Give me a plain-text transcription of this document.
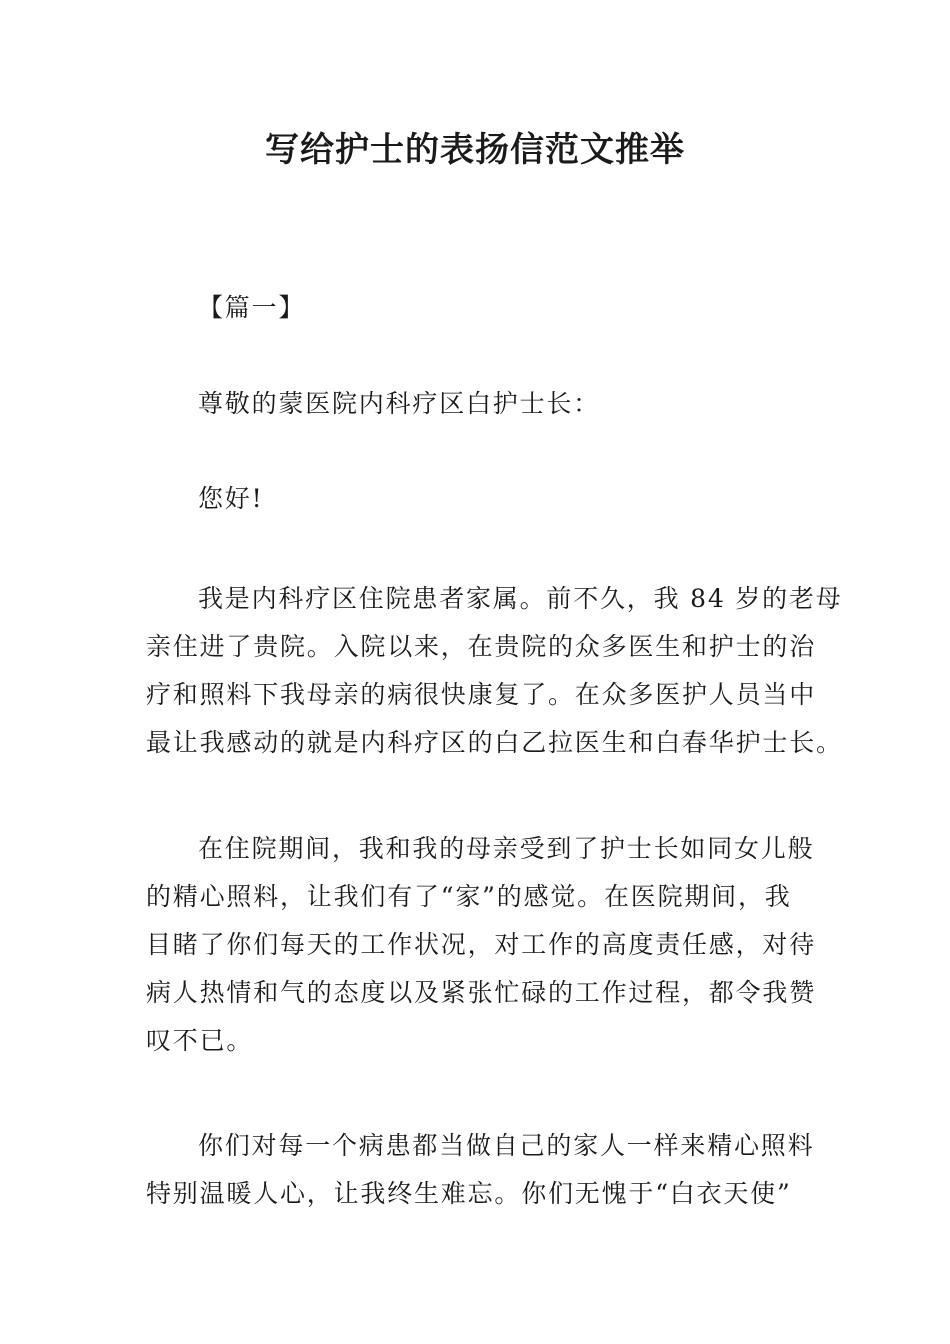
写给护士的表扬信范文推举

【篇一】

尊敬的蒙医院内科疗区白护士长：

您好!

我是内科疗区住院患者家属。前不久，我 84 岁的老母
亲住进了贵院。入院以来，在贵院的众多医生和护士的治
疗和照料下我母亲的病很快康复了。在众多医护人员当中
最让我感动的就是内科疗区的白乙拉医生和白春华护士长。

在住院期间，我和我的母亲受到了护士长如同女儿般
的精心照料，让我们有了“家”的感觉。在医院期间，我
目睹了你们每天的工作状况，对工作的高度责任感，对待
病人热情和气的态度以及紧张忙碌的工作过程，都令我赞
叹不已。

你们对每一个病患都当做自己的家人一样来精心照料
特别温暖人心，让我终生难忘。你们无愧于“白衣天使”
